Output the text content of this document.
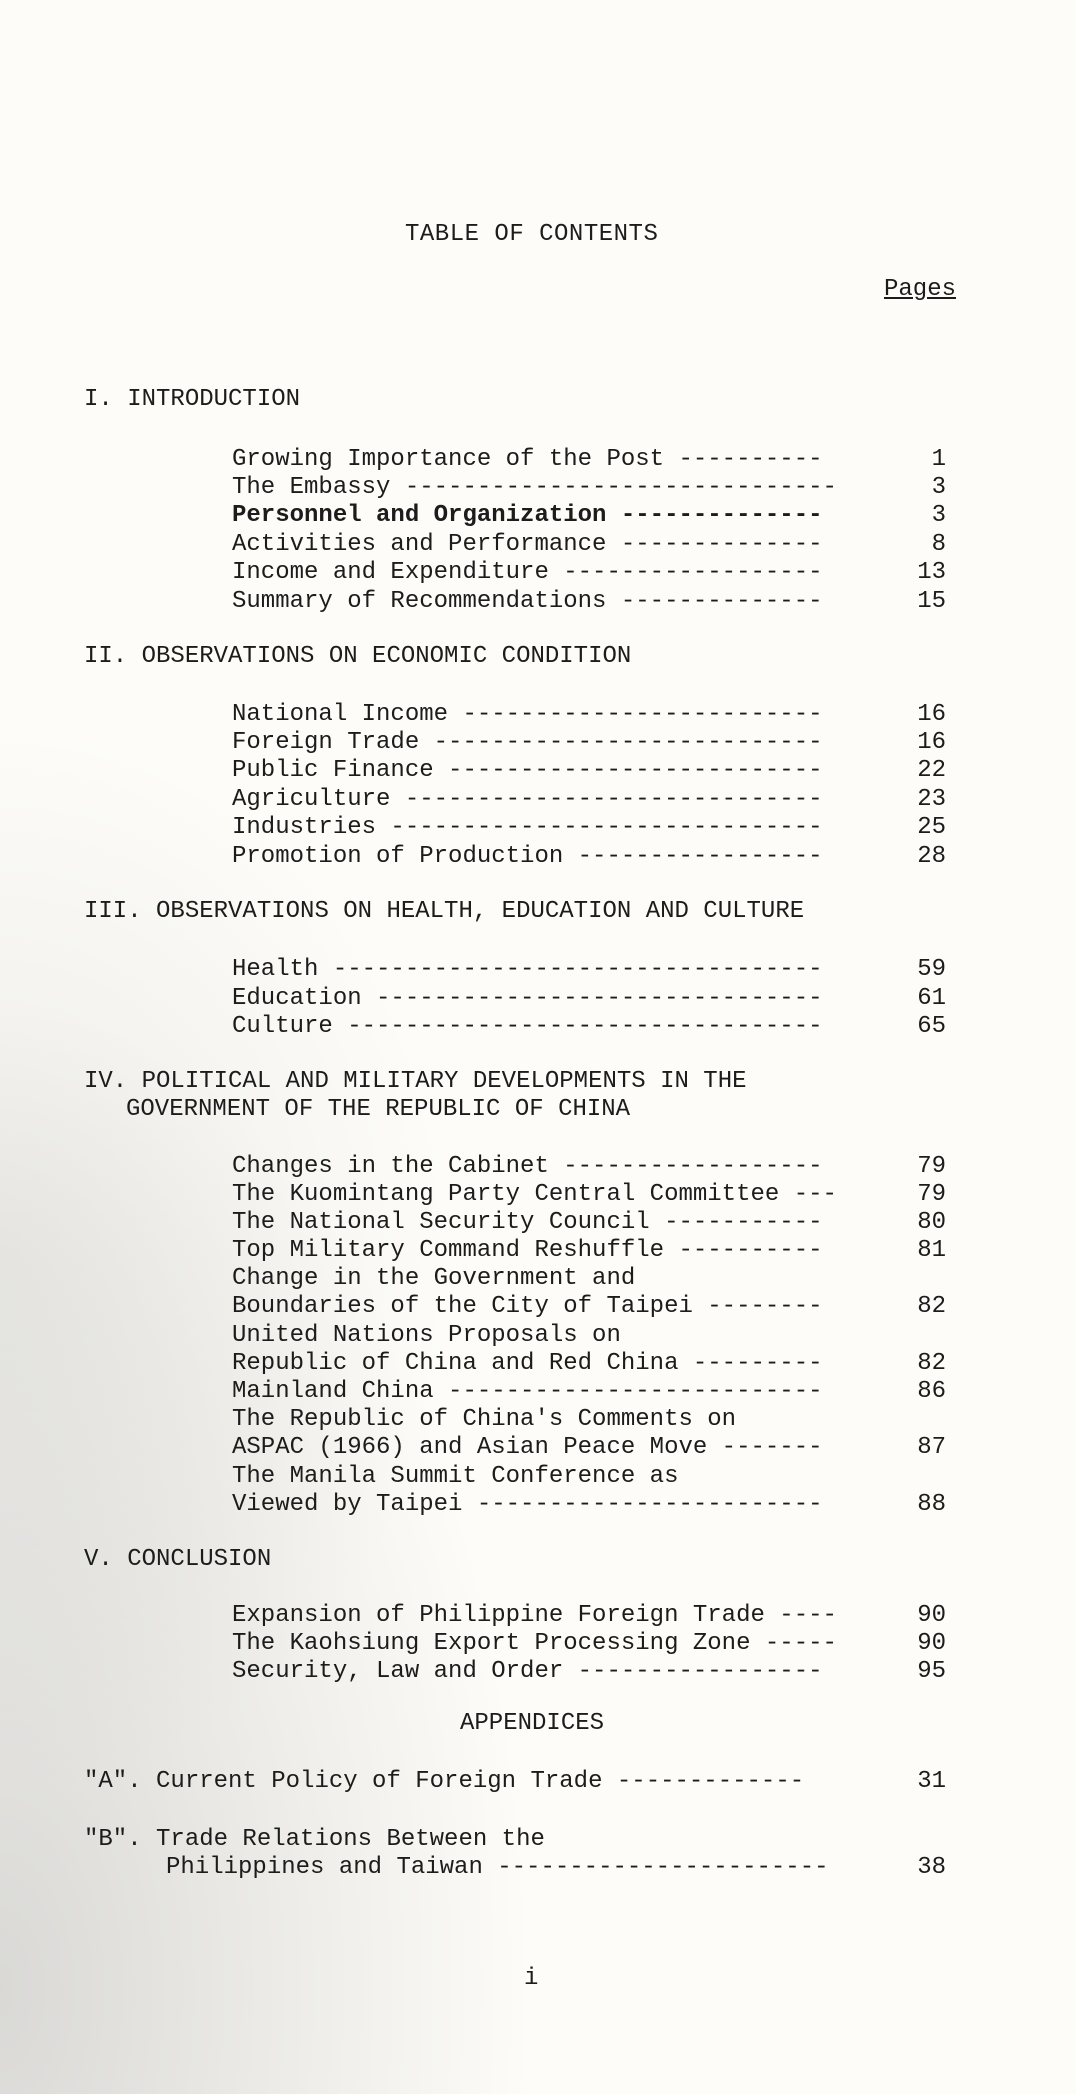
TABLE OF CONTENTS
Pages
I. INTRODUCTION
Growing Importance of the Post ----------	1
The Embassy ------------------------------	3
Personnel and Organization --------------	3
Activities and Performance --------------	8
Income and Expenditure ------------------	13
Summary of Recommendations --------------	15
II. OBSERVATIONS ON ECONOMIC CONDITION
National Income -------------------------	16
Foreign Trade ---------------------------	16
Public Finance --------------------------	22
Agriculture -----------------------------	23
Industries ------------------------------	25
Promotion of Production -----------------	28
III. OBSERVATIONS ON HEALTH, EDUCATION AND CULTURE
Health ----------------------------------	59
Education -------------------------------	61
Culture ---------------------------------	65
IV. POLITICAL AND MILITARY DEVELOPMENTS IN THE
GOVERNMENT OF THE REPUBLIC OF CHINA
Changes in the Cabinet ------------------	79
The Kuomintang Party Central Committee ---	79
The National Security Council -----------	80
Top Military Command Reshuffle ----------	81
Change in the Government and
Boundaries of the City of Taipei --------	82
United Nations Proposals on
Republic of China and Red China ---------	82
Mainland China --------------------------	86
The Republic of China's Comments on
ASPAC (1966) and Asian Peace Move -------	87
The Manila Summit Conference as
Viewed by Taipei ------------------------	88
V. CONCLUSION
Expansion of Philippine Foreign Trade ----	90
The Kaohsiung Export Processing Zone -----	90
Security, Law and Order -----------------	95
APPENDICES
"A". Current Policy of Foreign Trade -------------	31
"B". Trade Relations Between the
Philippines and Taiwan -----------------------	38
i
